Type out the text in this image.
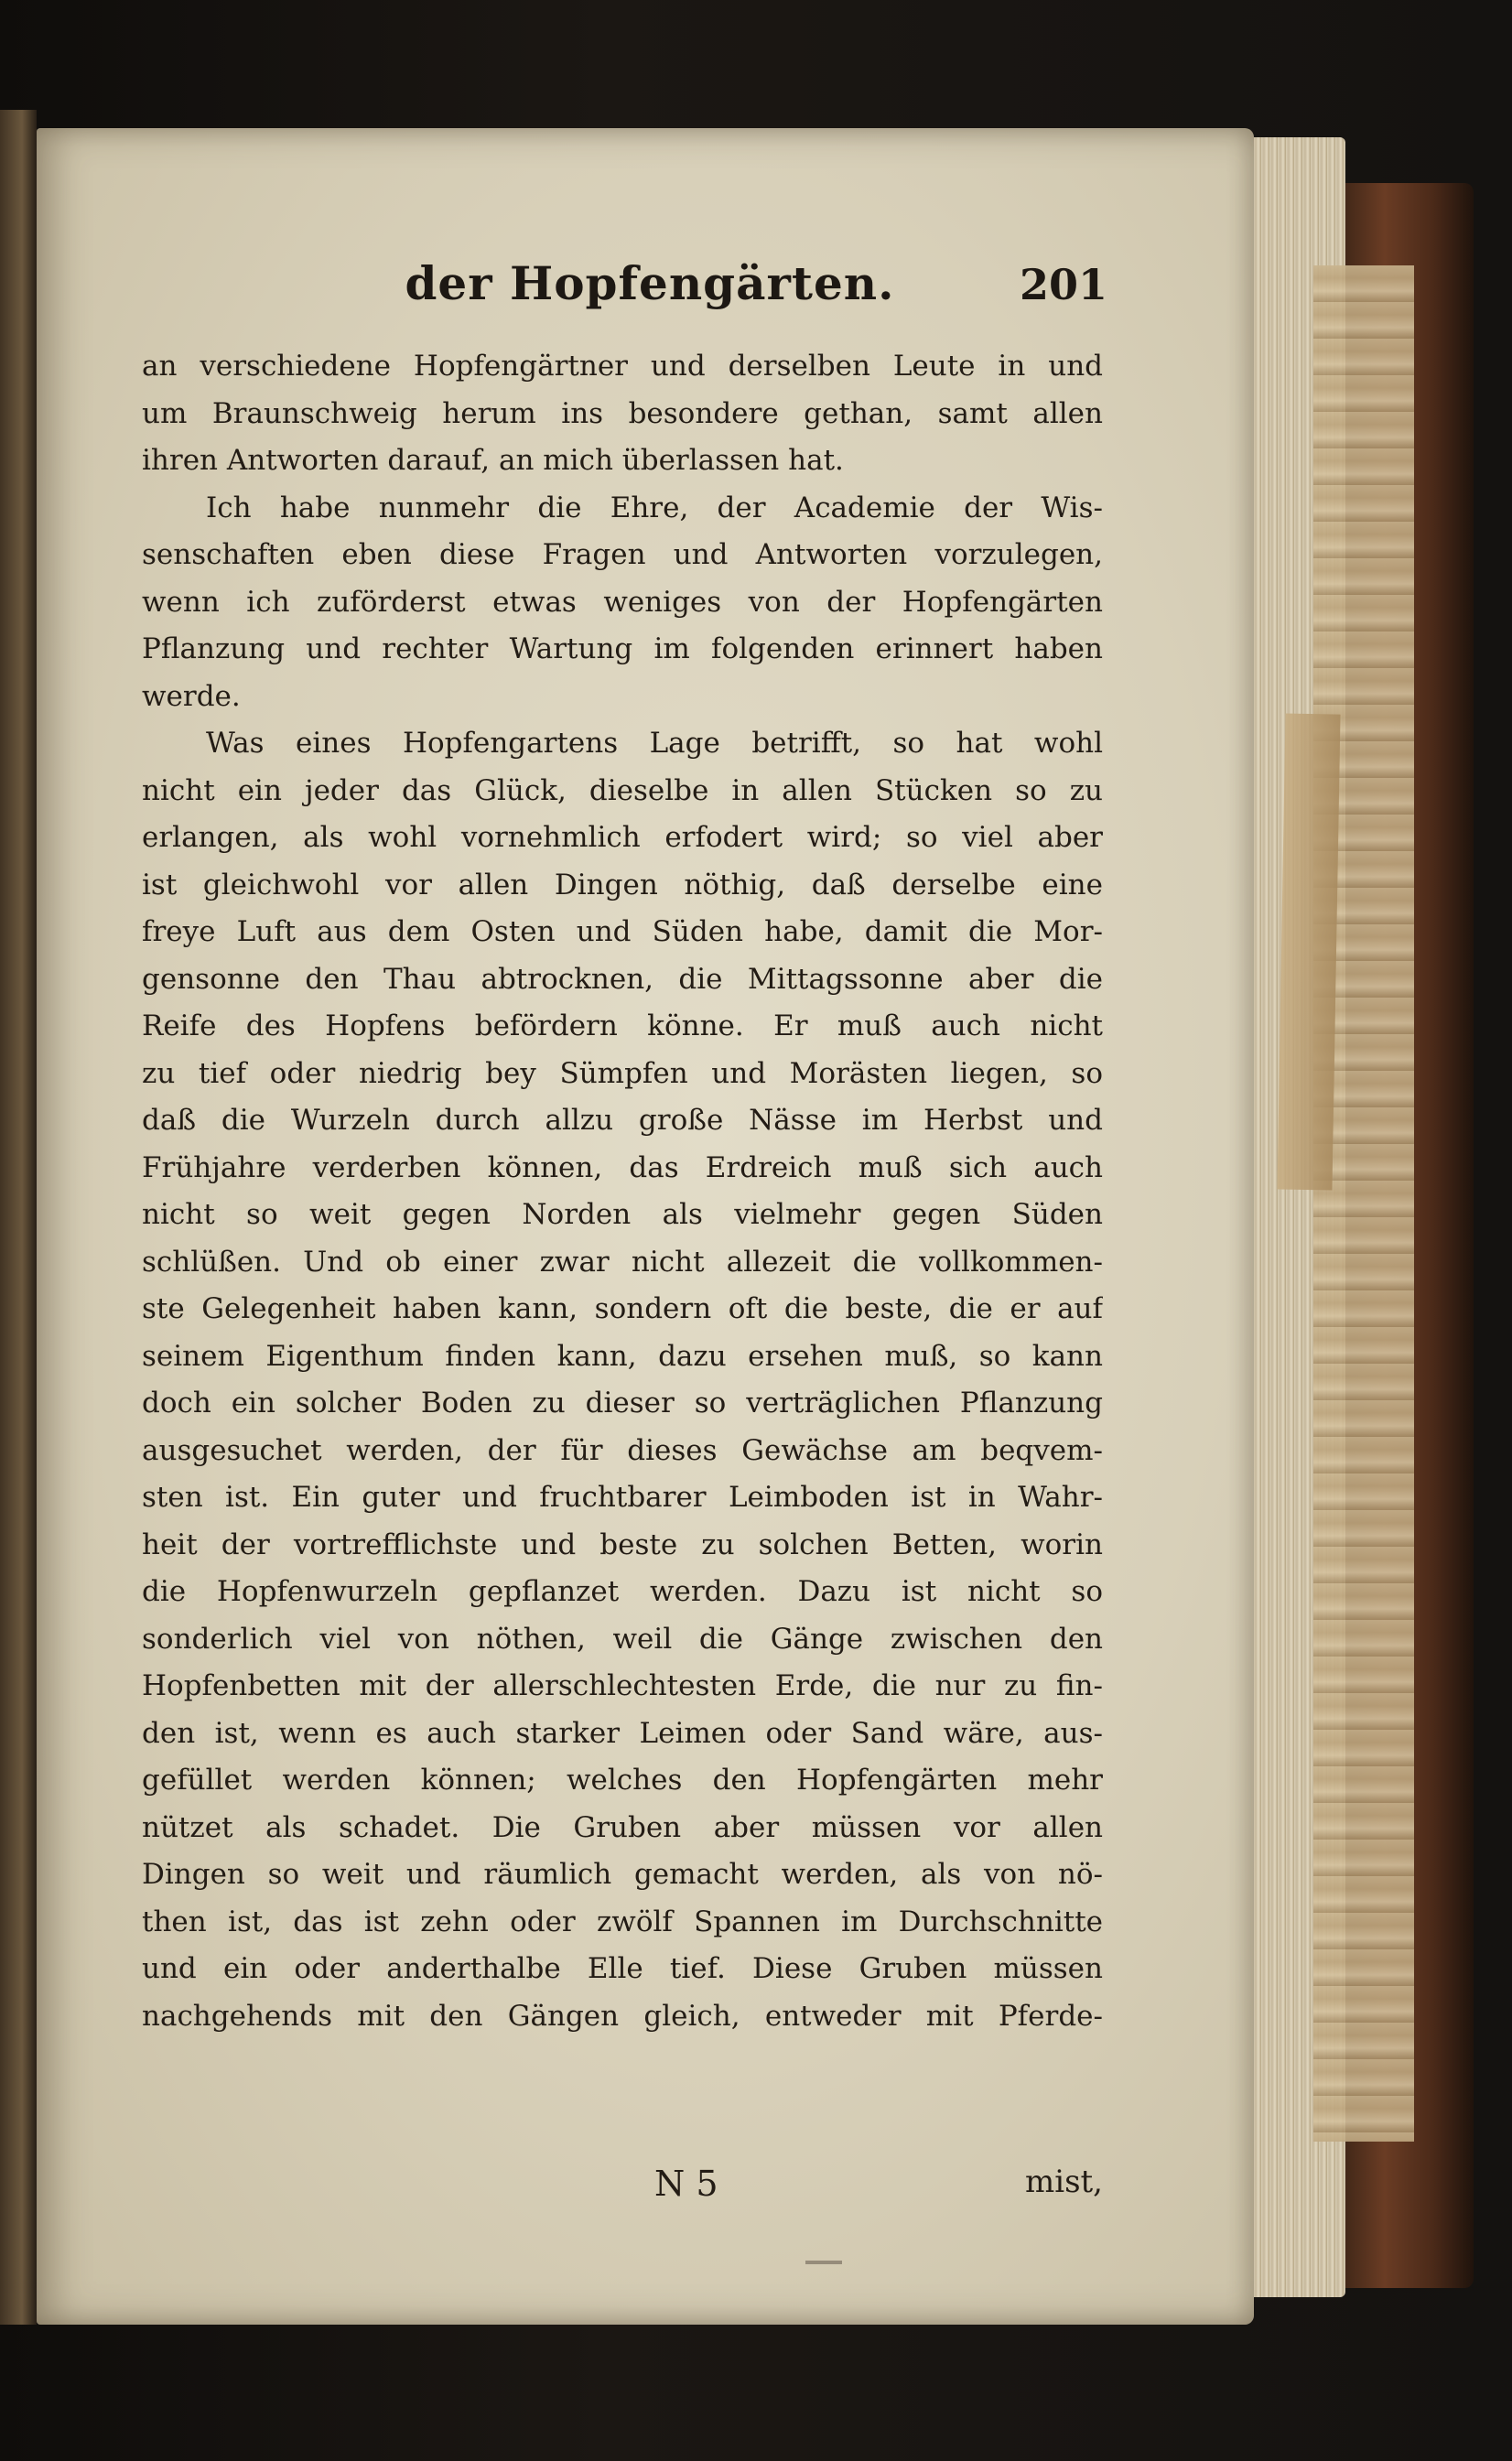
der Hopfengärten.	201
an verschiedene Hopfengärtner und derselben Leute in und
um Braunschweig herum ins besondere gethan, samt allen
ihren Antworten darauf, an mich überlassen hat.
Ich habe nunmehr die Ehre, der Academie der Wis-
senschaften eben diese Fragen und Antworten vorzulegen,
wenn ich zuförderst etwas weniges von der Hopfengärten
Pflanzung und rechter Wartung im folgenden erinnert haben
werde.
Was eines Hopfengartens Lage betrifft, so hat wohl
nicht ein jeder das Glück, dieselbe in allen Stücken so zu
erlangen, als wohl vornehmlich erfodert wird; so viel aber
ist gleichwohl vor allen Dingen nöthig, daß derselbe eine
freye Luft aus dem Osten und Süden habe, damit die Mor-
gensonne den Thau abtrocknen, die Mittagssonne aber die
Reife des Hopfens befördern könne. Er muß auch nicht
zu tief oder niedrig bey Sümpfen und Morästen liegen, so
daß die Wurzeln durch allzu große Nässe im Herbst und
Frühjahre verderben können, das Erdreich muß sich auch
nicht so weit gegen Norden als vielmehr gegen Süden
schlüßen. Und ob einer zwar nicht allezeit die vollkommen-
ste Gelegenheit haben kann, sondern oft die beste, die er auf
seinem Eigenthum finden kann, dazu ersehen muß, so kann
doch ein solcher Boden zu dieser so verträglichen Pflanzung
ausgesuchet werden, der für dieses Gewächse am beqvem-
sten ist. Ein guter und fruchtbarer Leimboden ist in Wahr-
heit der vortrefflichste und beste zu solchen Betten, worin
die Hopfenwurzeln gepflanzet werden. Dazu ist nicht so
sonderlich viel von nöthen, weil die Gänge zwischen den
Hopfenbetten mit der allerschlechtesten Erde, die nur zu fin-
den ist, wenn es auch starker Leimen oder Sand wäre, aus-
gefüllet werden können; welches den Hopfengärten mehr
nützet als schadet. Die Gruben aber müssen vor allen
Dingen so weit und räumlich gemacht werden, als von nö-
then ist, das ist zehn oder zwölf Spannen im Durchschnitte
und ein oder anderthalbe Elle tief. Diese Gruben müssen
nachgehends mit den Gängen gleich, entweder mit Pferde-
N 5	mist,
